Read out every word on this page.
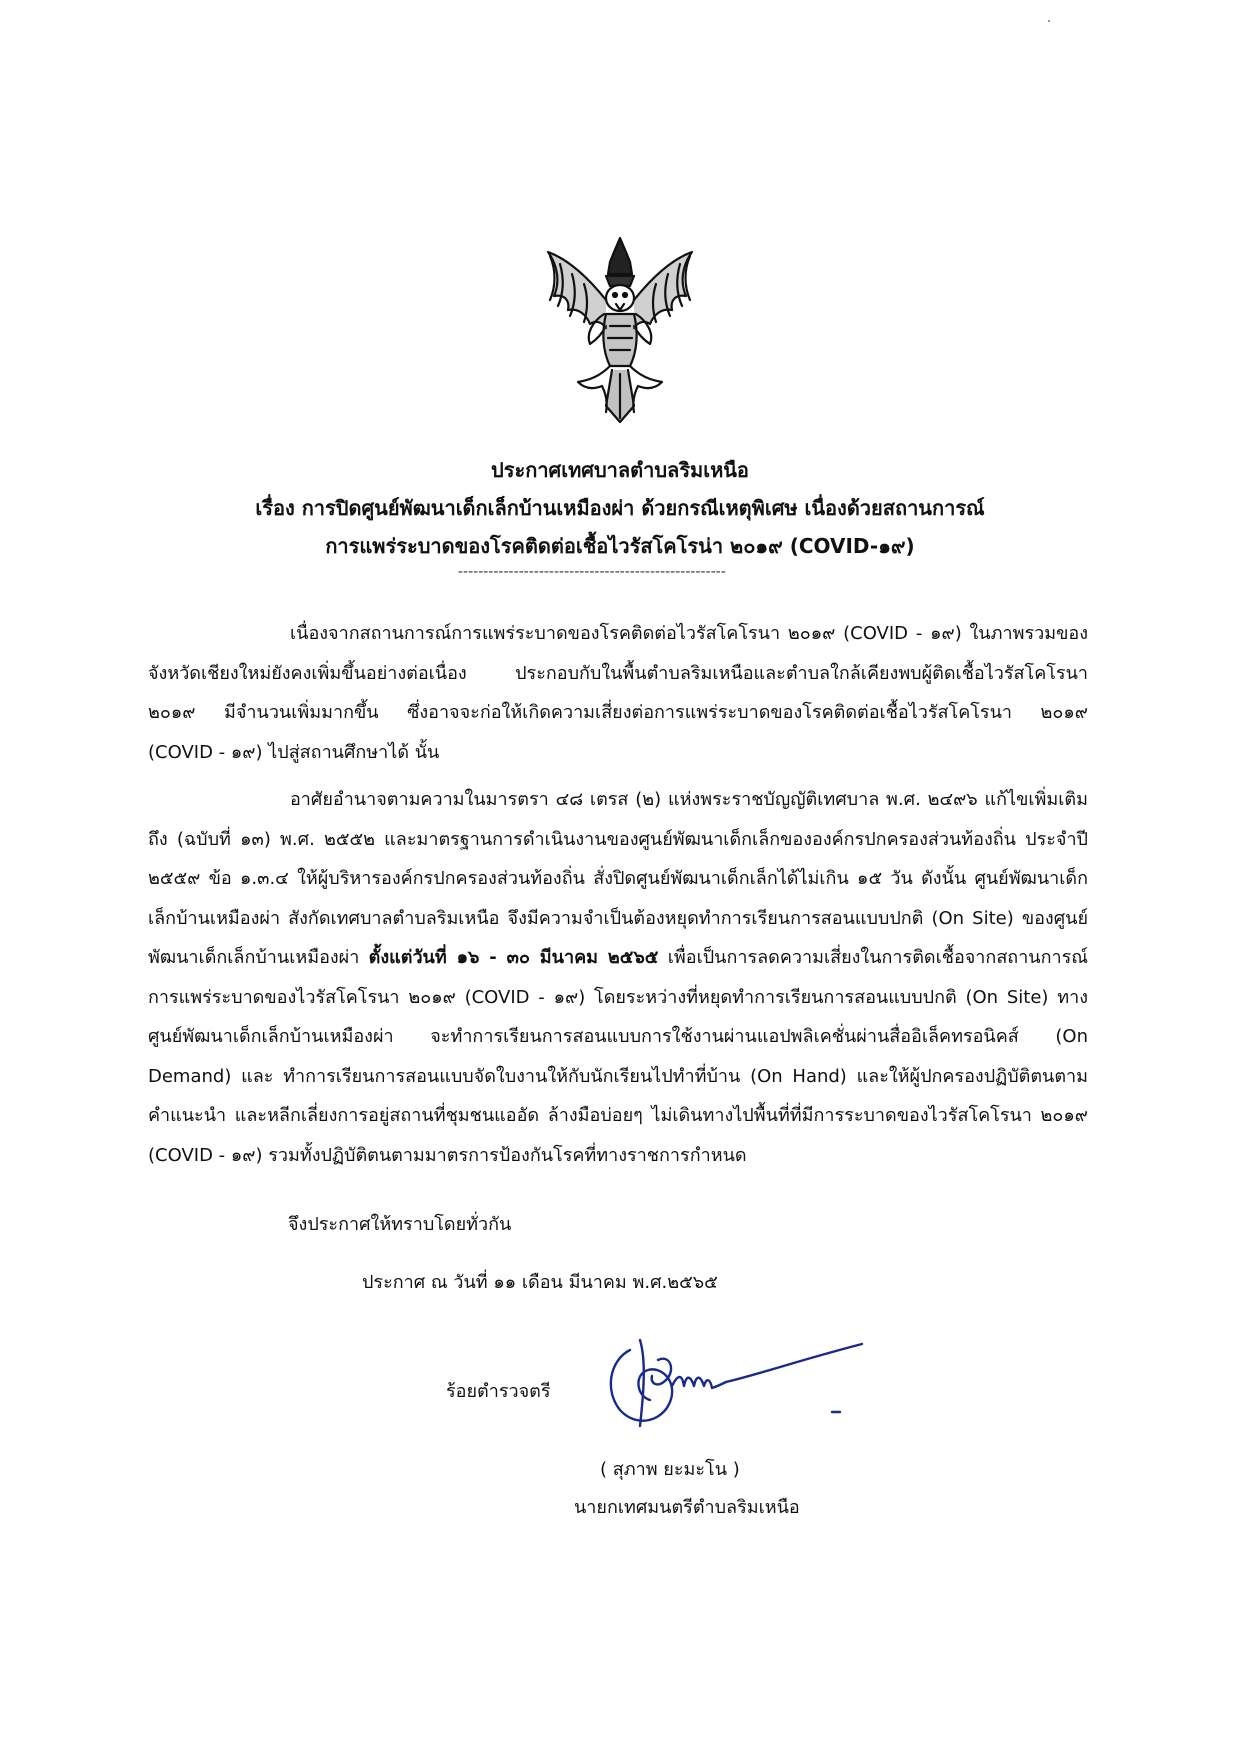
ประกาศเทศบาลตำบลริมเหนือ
เรื่อง การปิดศูนย์พัฒนาเด็กเล็กบ้านเหมืองผ่า ด้วยกรณีเหตุพิเศษ เนื่องด้วยสถานการณ์
การแพร่ระบาดของโรคติดต่อเชื้อไวรัสโคโรน่า ๒๐๑๙ (COVID-๑๙)
-----------------------------------------------------
เนื่องจากสถานการณ์การแพร่ระบาดของโรคติดต่อไวรัสโคโรนา ๒๐๑๙ (COVID - ๑๙) ในภาพรวมของจังหวัดเชียงใหม่ยังคงเพิ่มขึ้นอย่างต่อเนื่อง ประกอบกับในพื้นตำบลริมเหนือและตำบลใกล้เคียงพบผู้ติดเชื้อไวรัสโคโรนา ๒๐๑๙ มีจำนวนเพิ่มมากขึ้น ซึ่งอาจจะก่อให้เกิดความเสี่ยงต่อการแพร่ระบาดของโรคติดต่อเชื้อไวรัสโคโรนา ๒๐๑๙ (COVID - ๑๙) ไปสู่สถานศึกษาได้ นั้น
อาศัยอำนาจตามความในมารตรา ๔๘ เตรส (๒) แห่งพระราชบัญญัติเทศบาล พ.ศ. ๒๔๙๖ แก้ไขเพิ่มเติมถึง (ฉบับที่ ๑๓) พ.ศ. ๒๕๕๒ และมาตรฐานการดำเนินงานของศูนย์พัฒนาเด็กเล็กขององค์กรปกครองส่วนท้องถิ่น ประจำปี ๒๕๕๙ ข้อ ๑.๓.๔ ให้ผู้บริหารองค์กรปกครองส่วนท้องถิ่น สั่งปิดศูนย์พัฒนาเด็กเล็กได้ไม่เกิน ๑๕ วัน ดังนั้น ศูนย์พัฒนาเด็กเล็กบ้านเหมืองผ่า สังกัดเทศบาลตำบลริมเหนือ จึงมีความจำเป็นต้องหยุดทำการเรียนการสอนแบบปกติ (On Site) ของศูนย์พัฒนาเด็กเล็กบ้านเหมืองผ่า ตั้งแต่วันที่ ๑๖ - ๓๐ มีนาคม ๒๕๖๕ เพื่อเป็นการลดความเสี่ยงในการติดเชื้อจากสถานการณ์การแพร่ระบาดของไวรัสโคโรนา ๒๐๑๙ (COVID - ๑๙) โดยระหว่างที่หยุดทำการเรียนการสอนแบบปกติ (On Site) ทางศูนย์พัฒนาเด็กเล็กบ้านเหมืองผ่า จะทำการเรียนการสอนแบบการใช้งานผ่านแอปพลิเคชั่นผ่านสื่ออิเล็คทรอนิคส์ (On Demand) และ ทำการเรียนการสอนแบบจัดใบงานให้กับนักเรียนไปทำที่บ้าน (On Hand) และให้ผู้ปกครองปฏิบัติตนตามคำแนะนำ และหลีกเลี่ยงการอยู่สถานที่ชุมชนแออัด ล้างมือบ่อยๆ ไม่เดินทางไปพื้นที่ที่มีการระบาดของไวรัสโคโรนา ๒๐๑๙ (COVID - ๑๙) รวมทั้งปฏิบัติตนตามมาตรการป้องกันโรคที่ทางราชการกำหนด
จึงประกาศให้ทราบโดยทั่วกัน
ประกาศ ณ วันที่ ๑๑ เดือน มีนาคม พ.ศ.๒๕๖๕
ร้อยตำรวจตรี
( สุภาพ ยะมะโน )
นายกเทศมนตรีตำบลริมเหนือ
